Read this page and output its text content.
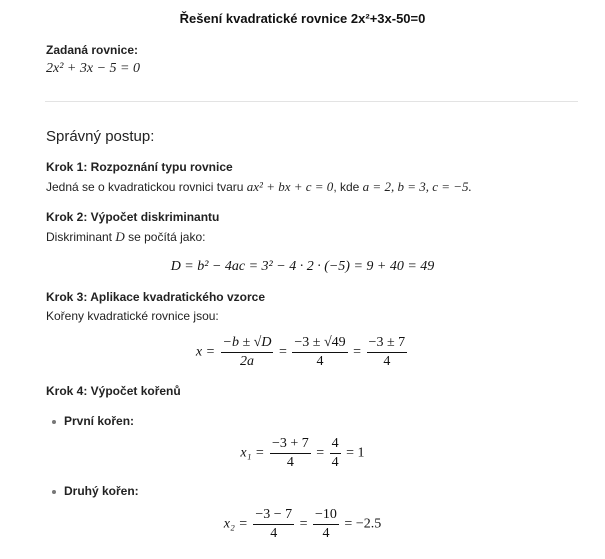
Řešení kvadratické rovnice 2x²+3x-50=0
Zadaná rovnice:
2x² + 3x − 5 = 0
Správný postup:
Krok 1: Rozpoznání typu rovnice
Jedná se o kvadratickou rovnici tvaru ax² + bx + c = 0, kde a = 2, b = 3, c = −5.
Krok 2: Výpočet diskriminantu
Diskriminant D se počítá jako:
D = b² − 4ac = 3² − 4 · 2 · (−5) = 9 + 40 = 49
Krok 3: Aplikace kvadratického vzorce
Kořeny kvadratické rovnice jsou:
$x = \frac{-b \pm √D}{2a} = \frac{-3 \pm √49}{4} = \frac{-3 \pm 7}{4}$
Krok 4: Výpočet kořenů
První kořen:
$x_1 = \frac{-3 + 7}{4} = \frac{4}{4} = 1$
Druhý kořen:
$x_2 = \frac{-3 - 7}{4} = \frac{-10}{4} = -2.5$
